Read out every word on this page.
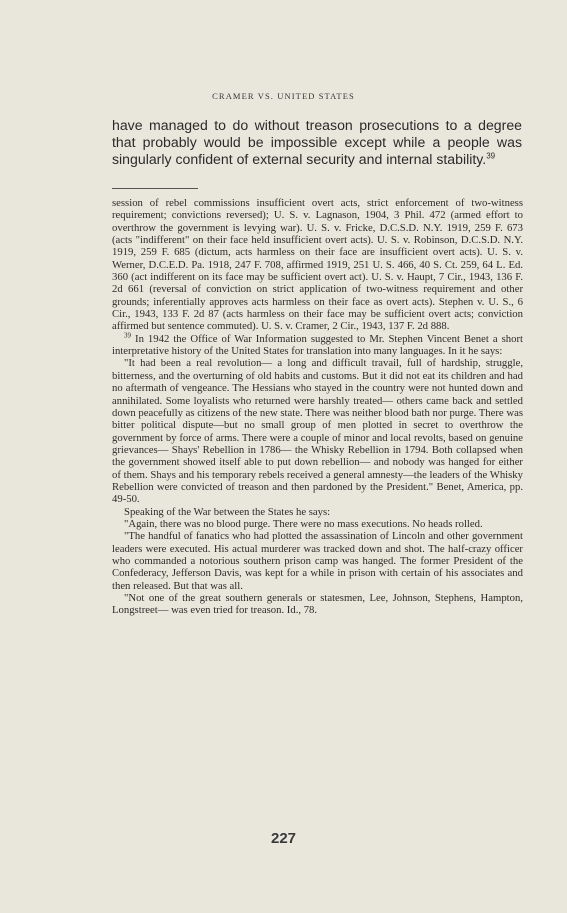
CRAMER VS. UNITED STATES

have managed to do without treason prosecutions to a degree that probably would be impossible except while a people was singularly confident of external security and internal stability.$^{39}$

session of rebel commissions insufficient overt acts, strict enforcement of two-witness requirement; convictions reversed); U. S. v. Lagnason, 1904, 3 Phil. 472 (armed effort to overthrow the government is levying war). U. S. v. Fricke, D.C.S.D. N.Y. 1919, 259 F. 673 (acts "indifferent" on their face held insufficient overt acts). U. S. v. Robinson, D.C.S.D. N.Y. 1919, 259 F. 685 (dictum, acts harmless on their face are insufficient overt acts). U. S. v. Werner, D.C.E.D. Pa. 1918, 247 F. 708, affirmed 1919, 251 U. S. 466, 40 S. Ct. 259, 64 L. Ed. 360 (act indifferent on its face may be sufficient overt act). U. S. v. Haupt, 7 Cir., 1943, 136 F. 2d 661 (reversal of conviction on strict application of two-witness requirement and other grounds; inferentially approves acts harmless on their face as overt acts). Stephen v. U. S., 6 Cir., 1943, 133 F. 2d 87 (acts harmless on their face may be sufficient overt acts; conviction affirmed but sentence commuted). U. S. v. Cramer, 2 Cir., 1943, 137 F. 2d 888.

$^{39}$ In 1942 the Office of War Information suggested to Mr. Stephen Vincent Benet a short interpretative history of the United States for translation into many languages. In it he says:

"It had been a real revolution— a long and difficult travail, full of hardship, struggle, bitterness, and the overturning of old habits and customs. But it did not eat its children and had no aftermath of vengeance. The Hessians who stayed in the country were not hunted down and annihilated. Some loyalists who returned were harshly treated— others came back and settled down peacefully as citizens of the new state. There was neither blood bath nor purge. There was bitter political dispute—but no small group of men plotted in secret to overthrow the government by force of arms. There were a couple of minor and local revolts, based on genuine grievances— Shays' Rebellion in 1786— the Whisky Rebellion in 1794. Both collapsed when the government showed itself able to put down rebellion— and nobody was hanged for either of them. Shays and his temporary rebels received a general amnesty—the leaders of the Whisky Rebellion were convicted of treason and then pardoned by the President." Benet, America, pp. 49-50.

Speaking of the War between the States he says:

"Again, there was no blood purge. There were no mass executions. No heads rolled.

"The handful of fanatics who had plotted the assassination of Lincoln and other government leaders were executed. His actual murderer was tracked down and shot. The half-crazy officer who commanded a notorious southern prison camp was hanged. The former President of the Confederacy, Jefferson Davis, was kept for a while in prison with certain of his associates and then released. But that was all.

"Not one of the great southern generals or statesmen, Lee, Johnson, Stephens, Hampton, Longstreet— was even tried for treason. Id., 78.

227
